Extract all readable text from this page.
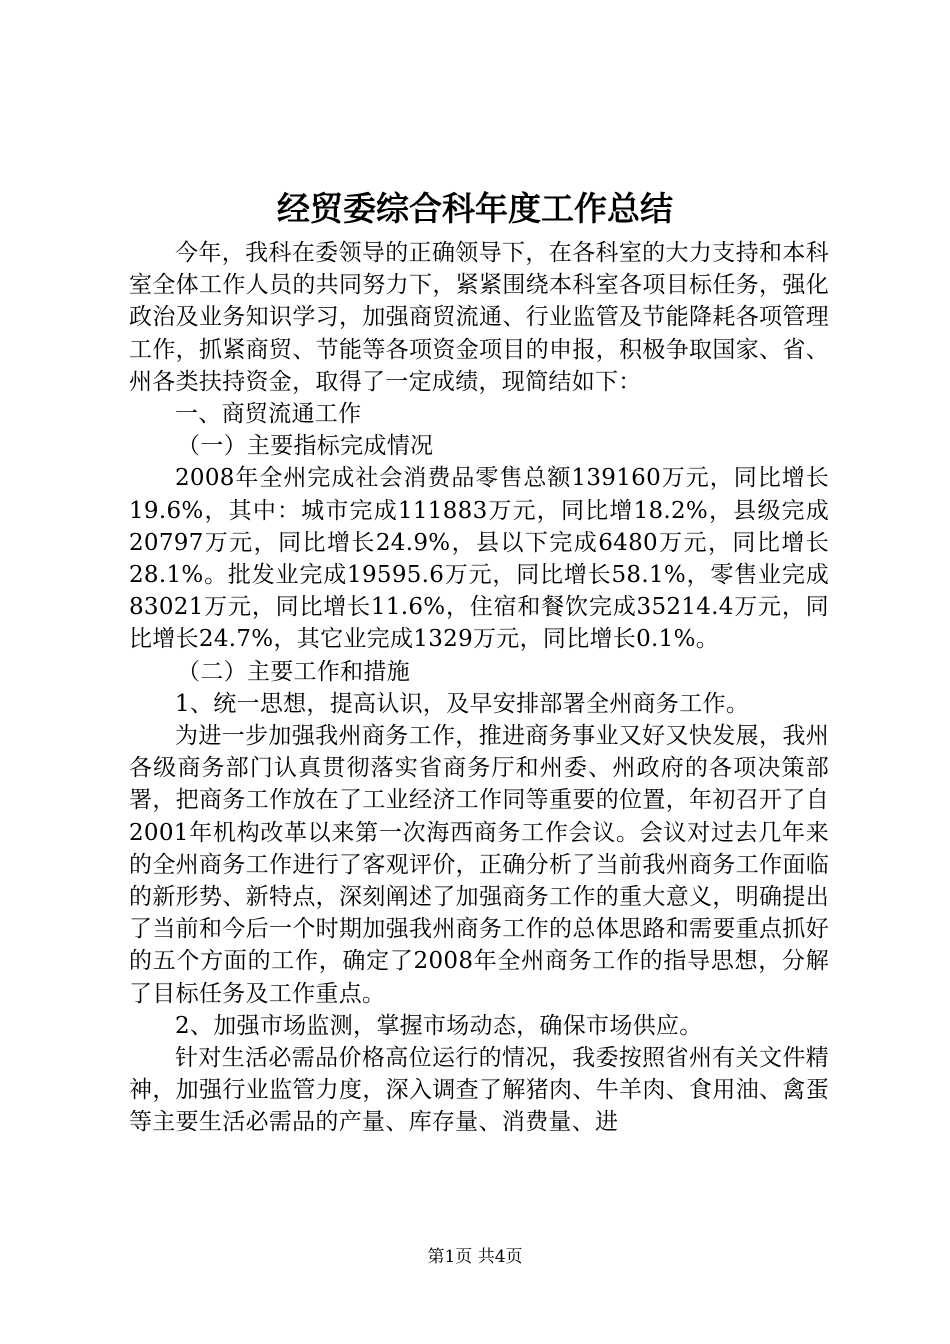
经贸委综合科年度工作总结

今年，我科在委领导的正确领导下，在各科室的大力支持和本科室全体工作人员的共同努力下，紧紧围绕本科室各项目标任务，强化政治及业务知识学习，加强商贸流通、行业监管及节能降耗各项管理工作，抓紧商贸、节能等各项资金项目的申报，积极争取国家、省、州各类扶持资金，取得了一定成绩，现简结如下：

一、商贸流通工作

（一）主要指标完成情况

2008年全州完成社会消费品零售总额139160万元，同比增长19.6%，其中：城市完成111883万元，同比增18.2%，县级完成20797万元，同比增长24.9%，县以下完成6480万元，同比增长28.1%。批发业完成19595.6万元，同比增长58.1%，零售业完成83021万元，同比增长11.6%，住宿和餐饮完成35214.4万元，同比增长24.7%，其它业完成1329万元，同比增长0.1%。

（二）主要工作和措施

1、统一思想，提高认识，及早安排部署全州商务工作。

为进一步加强我州商务工作，推进商务事业又好又快发展，我州各级商务部门认真贯彻落实省商务厅和州委、州政府的各项决策部署，把商务工作放在了工业经济工作同等重要的位置，年初召开了自2001年机构改革以来第一次海西商务工作会议。会议对过去几年来的全州商务工作进行了客观评价，正确分析了当前我州商务工作面临的新形势、新特点，深刻阐述了加强商务工作的重大意义，明确提出了当前和今后一个时期加强我州商务工作的总体思路和需要重点抓好的五个方面的工作，确定了2008年全州商务工作的指导思想，分解了目标任务及工作重点。

2、加强市场监测，掌握市场动态，确保市场供应。

针对生活必需品价格高位运行的情况，我委按照省州有关文件精神，加强行业监管力度，深入调查了解猪肉、牛羊肉、食用油、禽蛋等主要生活必需品的产量、库存量、消费量、进

第1页 共4页
